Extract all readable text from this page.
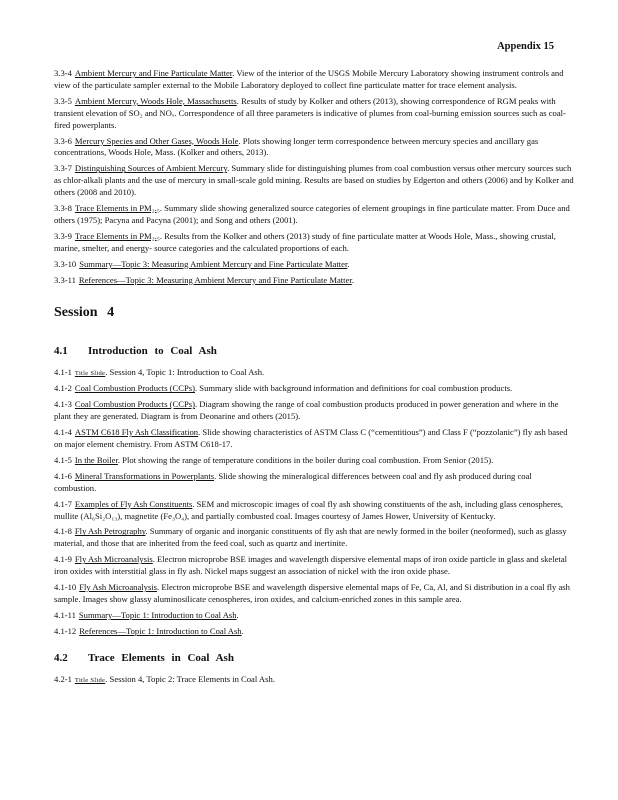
Appendix 15

3.3-4 Ambient Mercury and Fine Particulate Matter. View of the interior of the USGS Mobile Mercury Laboratory showing instrument controls and view of the particulate sampler external to the Mobile Laboratory deployed to collect fine particulate matter for trace element analysis.

3.3-5 Ambient Mercury, Woods Hole, Massachusetts. Results of study by Kolker and others (2013), showing correspondence of RGM peaks with transient elevation of SO₂ and NOₓ. Correspondence of all three parameters is indicative of plumes from coal-burning emission sources such as coal-fired powerplants.

3.3-6 Mercury Species and Other Gases, Woods Hole. Plots showing longer term correspondence between mercury species and ancillary gas concentrations, Woods Hole, Mass. (Kolker and others, 2013).

3.3-7 Distinguishing Sources of Ambient Mercury. Summary slide for distinguishing plumes from coal combustion versus other mercury sources such as chlor-alkali plants and the use of mercury in small-scale gold mining. Results are based on studies by Edgerton and others (2006) and by Kolker and others (2008 and 2010).

3.3-8 Trace Elements in PM₂.₅. Summary slide showing generalized source categories of element groupings in fine particulate matter. From Duce and others (1975); Pacyna and Pacyna (2001); and Song and others (2001).

3.3-9 Trace Elements in PM₂.₅. Results from the Kolker and others (2013) study of fine particulate matter at Woods Hole, Mass., showing crustal, marine, smelter, and energy- source categories and the calculated proportions of each.

3.3-10 Summary—Topic 3: Measuring Ambient Mercury and Fine Particulate Matter.

3.3-11 References—Topic 3: Measuring Ambient Mercury and Fine Particulate Matter.

Session 4
4.1 Introduction to Coal Ash

4.1-1 Title Slide. Session 4, Topic 1: Introduction to Coal Ash.

4.1-2 Coal Combustion Products (CCPs). Summary slide with background information and definitions for coal combustion products.

4.1-3 Coal Combustion Products (CCPs). Diagram showing the range of coal combustion products produced in power generation and where in the plant they are generated. Diagram is from Deonarine and others (2015).

4.1-4 ASTM C618 Fly Ash Classification. Slide showing characteristics of ASTM Class C (“cementitious”) and Class F (“pozzolanic”) fly ash based on major element chemistry. From ASTM C618-17.

4.1-5 In the Boiler. Plot showing the range of temperature conditions in the boiler during coal combustion. From Senior (2015).

4.1-6 Mineral Transformations in Powerplants. Slide showing the mineralogical differences between coal and fly ash produced during coal combustion.

4.1-7 Examples of Fly Ash Constituents. SEM and microscopic images of coal fly ash showing constituents of the ash, including glass cenospheres, mullite (Al₆Si₂O₁₃), magnetite (Fe₃O₄), and partially combusted coal. Images courtesy of James Hower, University of Kentucky.

4.1-8 Fly Ash Petrography. Summary of organic and inorganic constituents of fly ash that are newly formed in the boiler (neoformed), such as glassy material, and those that are inherited from the feed coal, such as quartz and inertinite.

4.1-9 Fly Ash Microanalysis. Electron microprobe BSE images and wavelength dispersive elemental maps of iron oxide particle in glass and skeletal iron oxides with interstitial glass in fly ash. Nickel maps suggest an association of nickel with the iron oxide phase.

4.1-10 Fly Ash Microanalysis. Electron microprobe BSE and wavelength dispersive elemental maps of Fe, Ca, Al, and Si distribution in a coal fly ash sample. Images show glassy aluminosilicate cenospheres, iron oxides, and calcium-enriched zones in this sample area.

4.1-11 Summary—Topic 1: Introduction to Coal Ash.

4.1-12 References—Topic 1: Introduction to Coal Ash.

4.2 Trace Elements in Coal Ash

4.2-1 Title Slide. Session 4, Topic 2: Trace Elements in Coal Ash.
